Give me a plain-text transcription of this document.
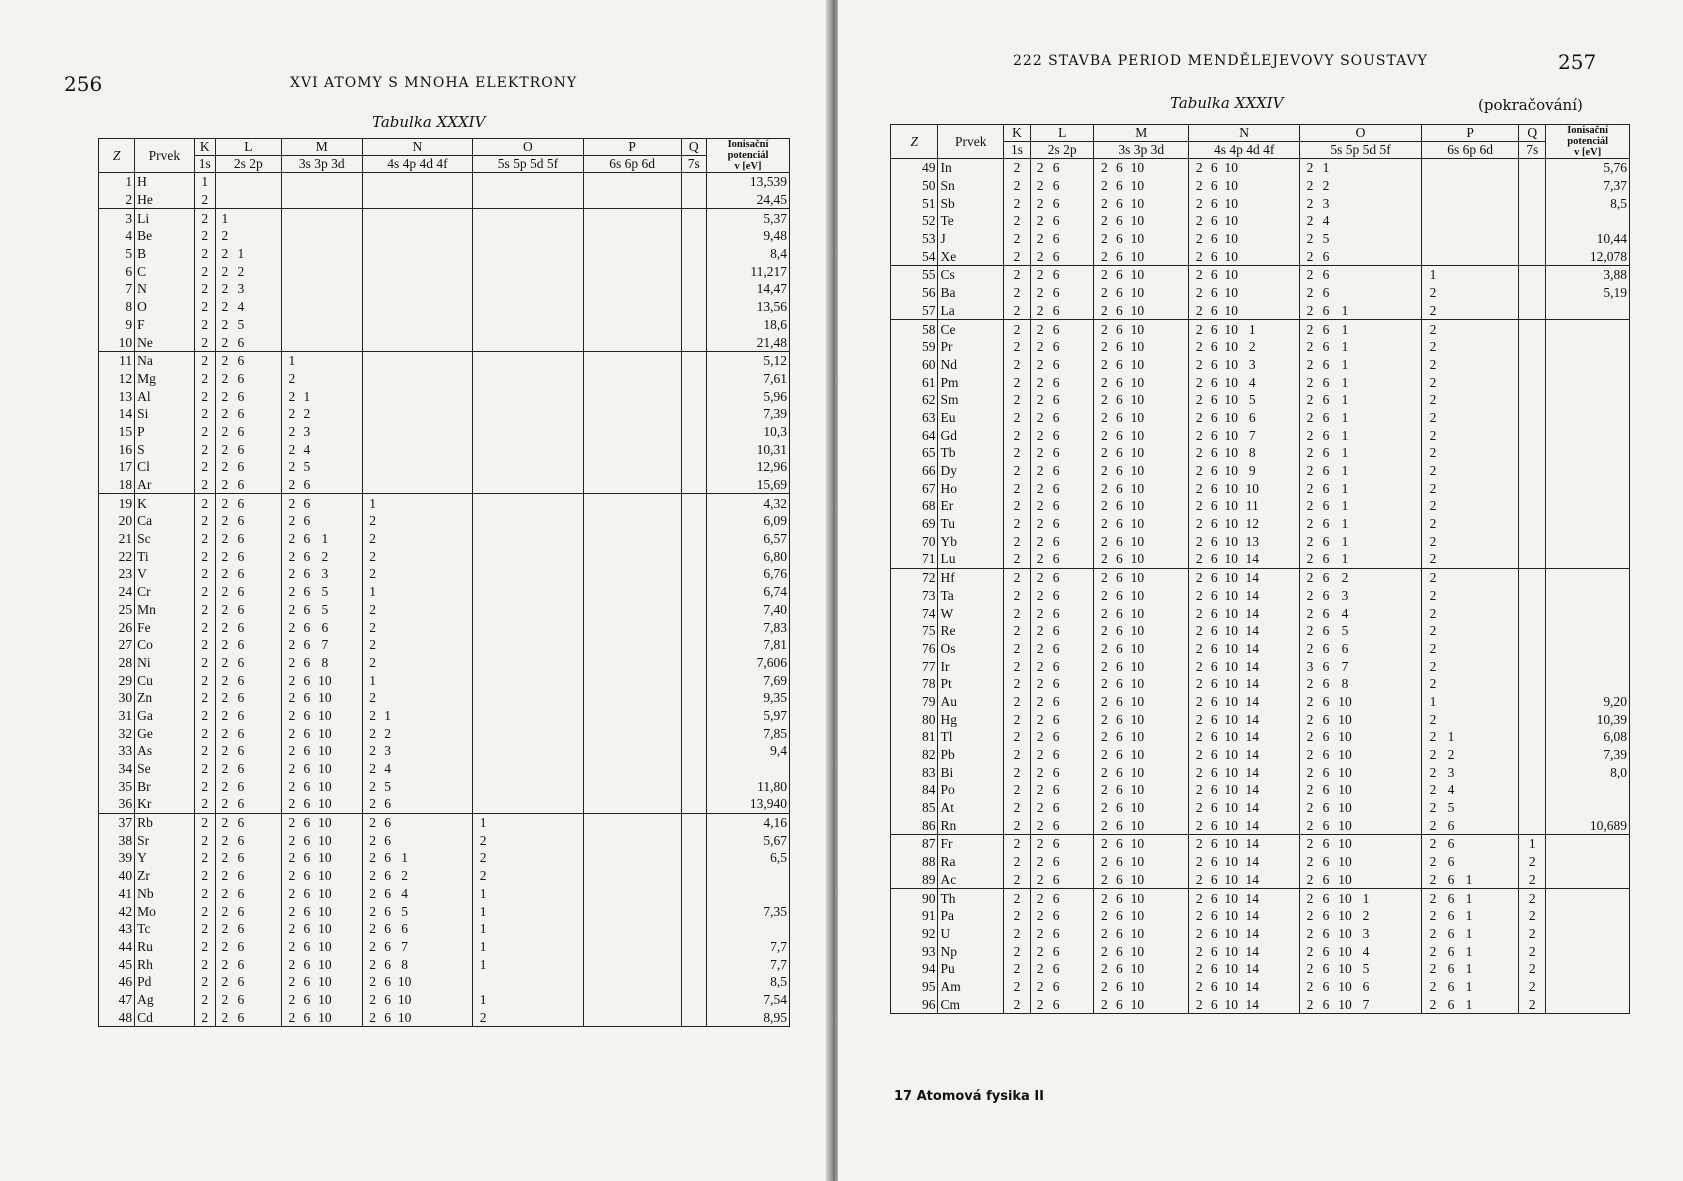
256	XVI ATOMY S MNOHA ELEKTRONY
Tabulka XXXIV
Z	Prvek	K	L	M	N	O	P	Q	Ionisační
potenciál
v [eV]
		1s	2s 2p	3s 3p 3d	4s 4p 4d 4f	5s 5p 5d 5f	6s 6p 6d	7s	
1	H	1							13,539
2	He	2							24,45
3	Li	2	1						5,37
4	Be	2	2						9,48
5	B	2	2 1						8,4
6	C	2	2 2						11,217
7	N	2	2 3						14,47
8	O	2	2 4						13,56
9	F	2	2 5						18,6
10	Ne	2	2 6						21,48
11	Na	2	2 6	1					5,12
12	Mg	2	2 6	2					7,61
13	Al	2	2 6	2 1					5,96
14	Si	2	2 6	2 2					7,39
15	P	2	2 6	2 3					10,3
16	S	2	2 6	2 4					10,31
17	Cl	2	2 6	2 5					12,96
18	Ar	2	2 6	2 6					15,69
19	K	2	2 6	2 6	1				4,32
20	Ca	2	2 6	2 6	2				6,09
21	Sc	2	2 6	2 6 1	2				6,57
22	Ti	2	2 6	2 6 2	2				6,80
23	V	2	2 6	2 6 3	2				6,76
24	Cr	2	2 6	2 6 5	1				6,74
25	Mn	2	2 6	2 6 5	2				7,40
26	Fe	2	2 6	2 6 6	2				7,83
27	Co	2	2 6	2 6 7	2				7,81
28	Ni	2	2 6	2 6 8	2				7,606
29	Cu	2	2 6	2 6 10	1				7,69
30	Zn	2	2 6	2 6 10	2				9,35
31	Ga	2	2 6	2 6 10	2 1				5,97
32	Ge	2	2 6	2 6 10	2 2				7,85
33	As	2	2 6	2 6 10	2 3				9,4
34	Se	2	2 6	2 6 10	2 4				
35	Br	2	2 6	2 6 10	2 5				11,80
36	Kr	2	2 6	2 6 10	2 6				13,940
37	Rb	2	2 6	2 6 10	2 6	1			4,16
38	Sr	2	2 6	2 6 10	2 6	2			5,67
39	Y	2	2 6	2 6 10	2 6 1	2			6,5
40	Zr	2	2 6	2 6 10	2 6 2	2			
41	Nb	2	2 6	2 6 10	2 6 4	1			
42	Mo	2	2 6	2 6 10	2 6 5	1			7,35
43	Tc	2	2 6	2 6 10	2 6 6	1			
44	Ru	2	2 6	2 6 10	2 6 7	1			7,7
45	Rh	2	2 6	2 6 10	2 6 8	1			7,7
46	Pd	2	2 6	2 6 10	2 6 10				8,5
47	Ag	2	2 6	2 6 10	2 6 10	1			7,54
48	Cd	2	2 6	2 6 10	2 6 10	2			8,95
222 STAVBA PERIOD MENDĚLEJEVOVY SOUSTAVY	257
Tabulka XXXIV	(pokračování)
Z	Prvek	K	L	M	N	O	P	Q	Ionisační
potenciál
v [eV]
		1s	2s 2p	3s 3p 3d	4s 4p 4d 4f	5s 5p 5d 5f	6s 6p 6d	7s	
49	In	2	2 6	2 6 10	2 6 10	2 1			5,76
50	Sn	2	2 6	2 6 10	2 6 10	2 2			7,37
51	Sb	2	2 6	2 6 10	2 6 10	2 3			8,5
52	Te	2	2 6	2 6 10	2 6 10	2 4			
53	J	2	2 6	2 6 10	2 6 10	2 5			10,44
54	Xe	2	2 6	2 6 10	2 6 10	2 6			12,078
55	Cs	2	2 6	2 6 10	2 6 10	2 6	1		3,88
56	Ba	2	2 6	2 6 10	2 6 10	2 6	2		5,19
57	La	2	2 6	2 6 10	2 6 10	2 6 1	2		
58	Ce	2	2 6	2 6 10	2 6 10 1	2 6 1	2		
59	Pr	2	2 6	2 6 10	2 6 10 2	2 6 1	2		
60	Nd	2	2 6	2 6 10	2 6 10 3	2 6 1	2		
61	Pm	2	2 6	2 6 10	2 6 10 4	2 6 1	2		
62	Sm	2	2 6	2 6 10	2 6 10 5	2 6 1	2		
63	Eu	2	2 6	2 6 10	2 6 10 6	2 6 1	2		
64	Gd	2	2 6	2 6 10	2 6 10 7	2 6 1	2		
65	Tb	2	2 6	2 6 10	2 6 10 8	2 6 1	2		
66	Dy	2	2 6	2 6 10	2 6 10 9	2 6 1	2		
67	Ho	2	2 6	2 6 10	2 6 10 10	2 6 1	2		
68	Er	2	2 6	2 6 10	2 6 10 11	2 6 1	2		
69	Tu	2	2 6	2 6 10	2 6 10 12	2 6 1	2		
70	Yb	2	2 6	2 6 10	2 6 10 13	2 6 1	2		
71	Lu	2	2 6	2 6 10	2 6 10 14	2 6 1	2		
72	Hf	2	2 6	2 6 10	2 6 10 14	2 6 2	2		
73	Ta	2	2 6	2 6 10	2 6 10 14	2 6 3	2		
74	W	2	2 6	2 6 10	2 6 10 14	2 6 4	2		
75	Re	2	2 6	2 6 10	2 6 10 14	2 6 5	2		
76	Os	2	2 6	2 6 10	2 6 10 14	2 6 6	2		
77	Ir	2	2 6	2 6 10	2 6 10 14	3 6 7	2		
78	Pt	2	2 6	2 6 10	2 6 10 14	2 6 8	2		
79	Au	2	2 6	2 6 10	2 6 10 14	2 6 10	1		9,20
80	Hg	2	2 6	2 6 10	2 6 10 14	2 6 10	2		10,39
81	Tl	2	2 6	2 6 10	2 6 10 14	2 6 10	2 1		6,08
82	Pb	2	2 6	2 6 10	2 6 10 14	2 6 10	2 2		7,39
83	Bi	2	2 6	2 6 10	2 6 10 14	2 6 10	2 3		8,0
84	Po	2	2 6	2 6 10	2 6 10 14	2 6 10	2 4		
85	At	2	2 6	2 6 10	2 6 10 14	2 6 10	2 5		
86	Rn	2	2 6	2 6 10	2 6 10 14	2 6 10	2 6		10,689
87	Fr	2	2 6	2 6 10	2 6 10 14	2 6 10	2 6	1	
88	Ra	2	2 6	2 6 10	2 6 10 14	2 6 10	2 6	2	
89	Ac	2	2 6	2 6 10	2 6 10 14	2 6 10	2 6 1	2	
90	Th	2	2 6	2 6 10	2 6 10 14	2 6 10 1	2 6 1	2	
91	Pa	2	2 6	2 6 10	2 6 10 14	2 6 10 2	2 6 1	2	
92	U	2	2 6	2 6 10	2 6 10 14	2 6 10 3	2 6 1	2	
93	Np	2	2 6	2 6 10	2 6 10 14	2 6 10 4	2 6 1	2	
94	Pu	2	2 6	2 6 10	2 6 10 14	2 6 10 5	2 6 1	2	
95	Am	2	2 6	2 6 10	2 6 10 14	2 6 10 6	2 6 1	2	
96	Cm	2	2 6	2 6 10	2 6 10 14	2 6 10 7	2 6 1	2	
17 Atomová fysika II
